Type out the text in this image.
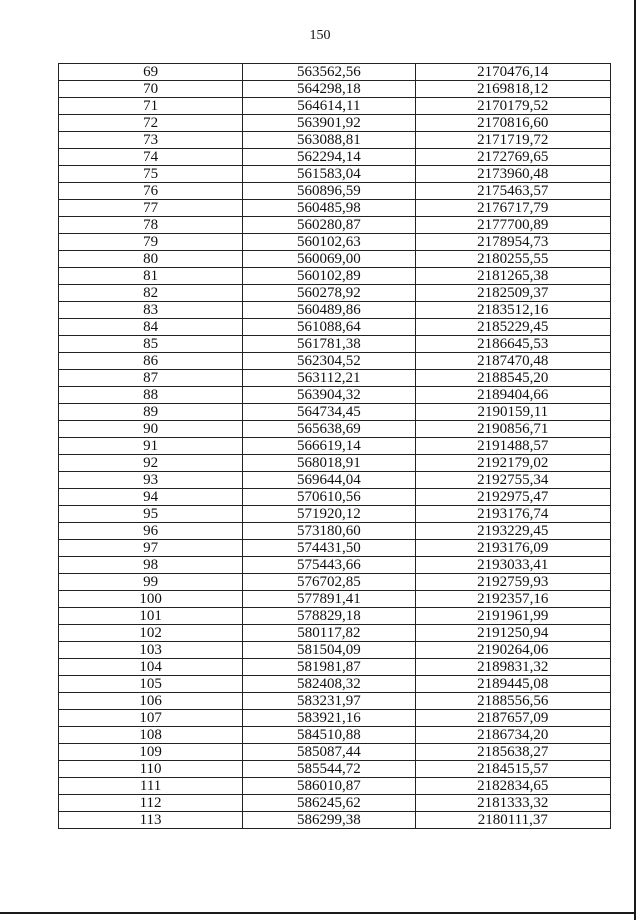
150
69	563562,56	2170476,14
70	564298,18	2169818,12
71	564614,11	2170179,52
72	563901,92	2170816,60
73	563088,81	2171719,72
74	562294,14	2172769,65
75	561583,04	2173960,48
76	560896,59	2175463,57
77	560485,98	2176717,79
78	560280,87	2177700,89
79	560102,63	2178954,73
80	560069,00	2180255,55
81	560102,89	2181265,38
82	560278,92	2182509,37
83	560489,86	2183512,16
84	561088,64	2185229,45
85	561781,38	2186645,53
86	562304,52	2187470,48
87	563112,21	2188545,20
88	563904,32	2189404,66
89	564734,45	2190159,11
90	565638,69	2190856,71
91	566619,14	2191488,57
92	568018,91	2192179,02
93	569644,04	2192755,34
94	570610,56	2192975,47
95	571920,12	2193176,74
96	573180,60	2193229,45
97	574431,50	2193176,09
98	575443,66	2193033,41
99	576702,85	2192759,93
100	577891,41	2192357,16
101	578829,18	2191961,99
102	580117,82	2191250,94
103	581504,09	2190264,06
104	581981,87	2189831,32
105	582408,32	2189445,08
106	583231,97	2188556,56
107	583921,16	2187657,09
108	584510,88	2186734,20
109	585087,44	2185638,27
110	585544,72	2184515,57
111	586010,87	2182834,65
112	586245,62	2181333,32
113	586299,38	2180111,37
